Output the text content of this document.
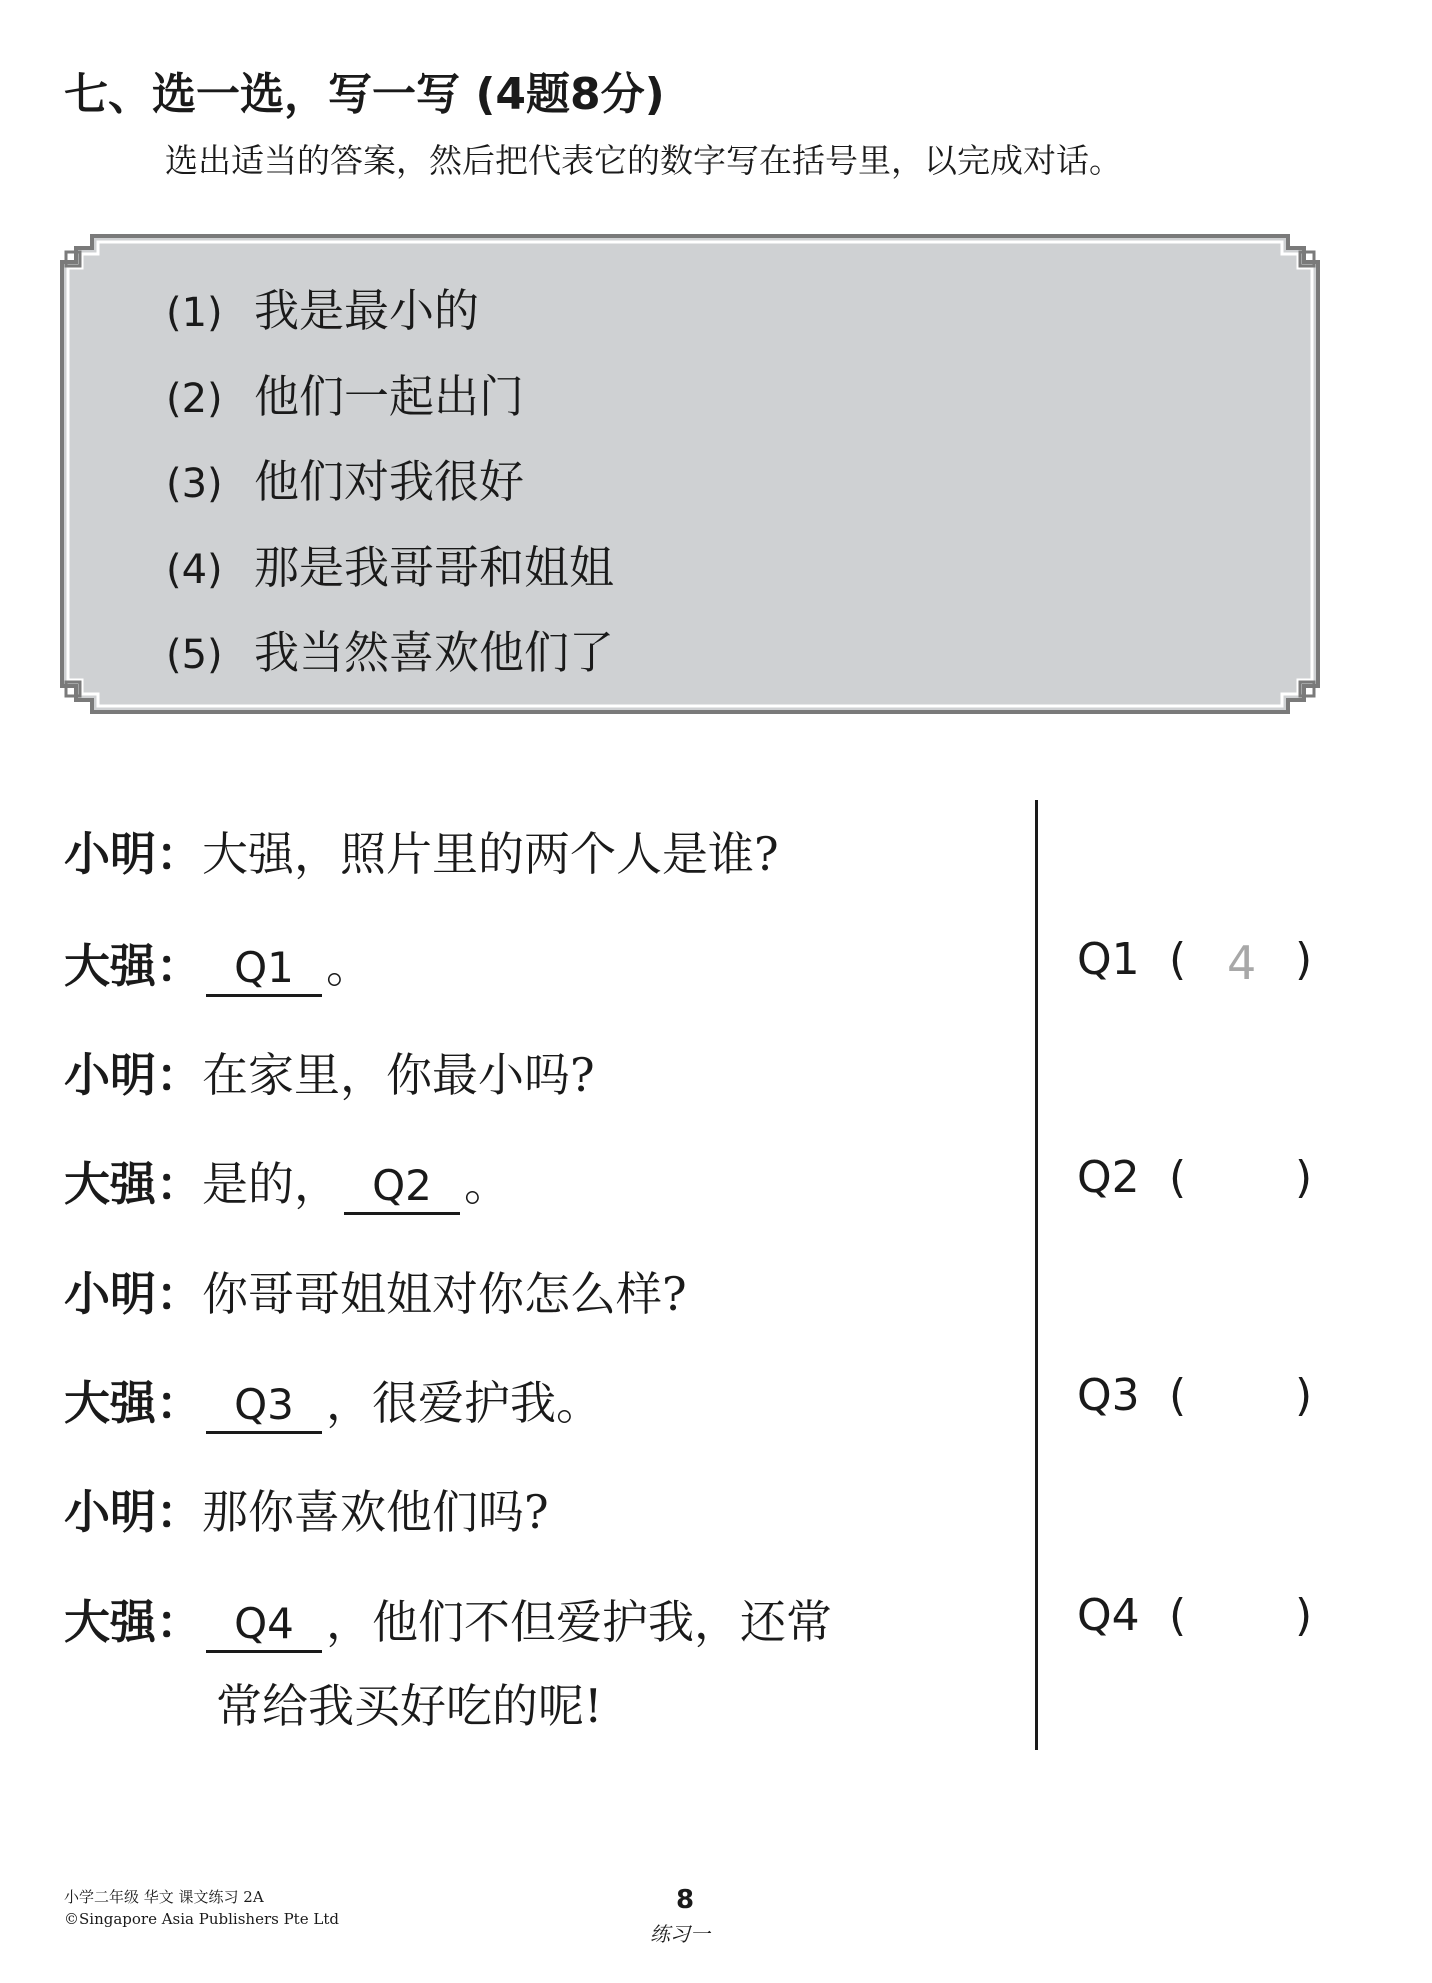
七、选一选，写一写 (4题8分)
选出适当的答案，然后把代表它的数字写在括号里，以完成对话。
(1) 我是最小的
(2) 他们一起出门
(3) 他们对我很好
(4) 那是我哥哥和姐姐
(5) 我当然喜欢他们了
小明：大强，照片里的两个人是谁?
大强： Q1 。
小明：在家里，你最小吗?
大强：是的， Q2 。
小明：你哥哥姐姐对你怎么样?
大强： Q3 ，很爱护我。
小明：那你喜欢他们吗?
大强： Q4 ，他们不但爱护我，还常
常给我买好吃的呢!
Q1 ( 4 )
Q2 ( )
Q3 ( )
Q4 ( )
小学二年级 华文 课文练习 2A
©Singapore Asia Publishers Pte Ltd
8
练习一
